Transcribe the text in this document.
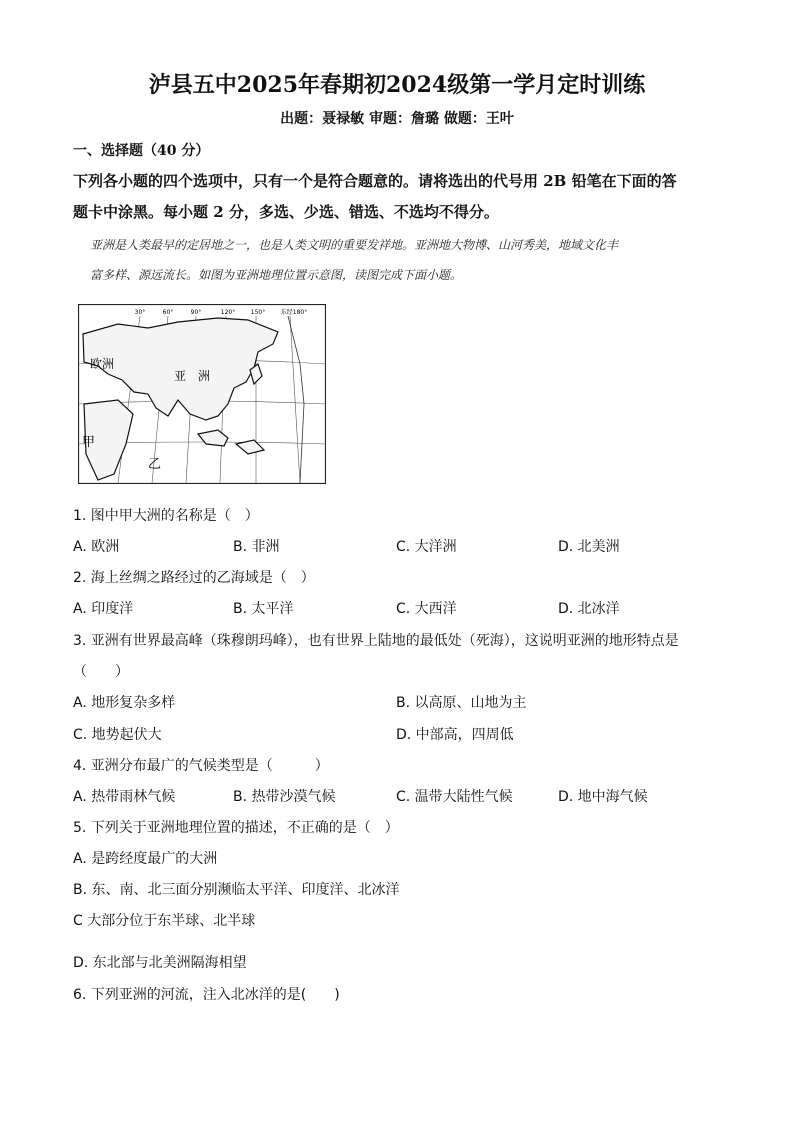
泸县五中2025年春期初2024级第一学月定时训练
出题：聂禄敏 审题：詹璐 做题：王叶
一、选择题（40 分）
下列各小题的四个选项中，只有一个是符合题意的。请将选出的代号用 2B 铅笔在下面的答
题卡中涂黑。每小题 2 分，多选、少选、错选、不选均不得分。
亚洲是人类最早的定居地之一，也是人类文明的重要发祥地。亚洲地大物博、山河秀美，地域文化丰
富多样、源远流长。如图为亚洲地理位置示意图，读图完成下面小题。
30°	60°	90°	120°	150°	东经180°
欧洲
亚　洲
甲
乙
1. 图中甲大洲的名称是（　）
A. 欧洲	B. 非洲	C. 大洋洲	D. 北美洲
2. 海上丝绸之路经过的乙海域是（　）
A. 印度洋	B. 太平洋	C. 大西洋	D. 北冰洋
3. 亚洲有世界最高峰（珠穆朗玛峰），也有世界上陆地的最低处（死海），这说明亚洲的地形特点是
（　　）
A. 地形复杂多样	B. 以高原、山地为主
C. 地势起伏大	D. 中部高，四周低
4. 亚洲分布最广的气候类型是（　　　）
A. 热带雨林气候	B. 热带沙漠气候	C. 温带大陆性气候	D. 地中海气候
5. 下列关于亚洲地理位置的描述，不正确的是（　）
A. 是跨经度最广的大洲
B. 东、南、北三面分别濒临太平洋、印度洋、北冰洋
C 大部分位于东半球、北半球
D. 东北部与北美洲隔海相望
6. 下列亚洲的河流，注入北冰洋的是(　　)
